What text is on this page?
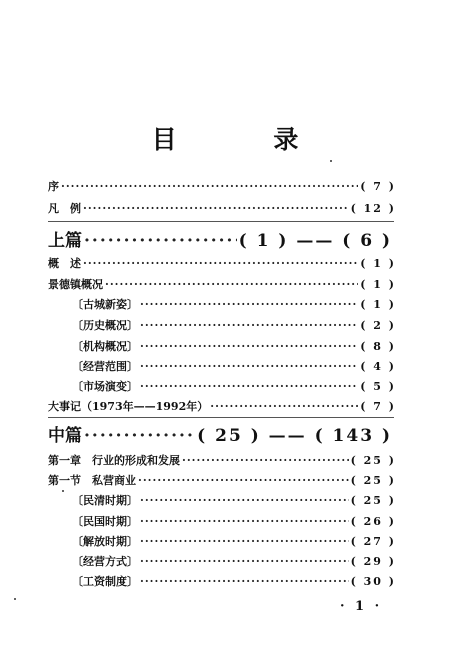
目 录
序 ·····	( 7 )
凡　例 ·····	( 12 )
上篇 ·····	( 1 ) —— ( 6 )
概　述 ·····	( 1 )
景德镇概况 ·····	( 1 )
〔古城新姿〕 ·····	( 1 )
〔历史概况〕 ·····	( 2 )
〔机构概况〕 ·····	( 8 )
〔经营范围〕 ·····	( 4 )
〔市场演变〕 ·····	( 5 )
大事记（1973年——1992年） ·····	( 7 )
中篇 ·····	( 25 ) —— ( 143 )
第一章　行业的形成和发展 ·····	( 25 )
第一节　私营商业 ·····	( 25 )
〔民清时期〕 ·····	( 25 )
〔民国时期〕 ·····	( 26 )
〔解放时期〕 ·····	( 27 )
〔经营方式〕 ·····	( 29 )
〔工资制度〕 ·····	( 30 )
· 1 ·
